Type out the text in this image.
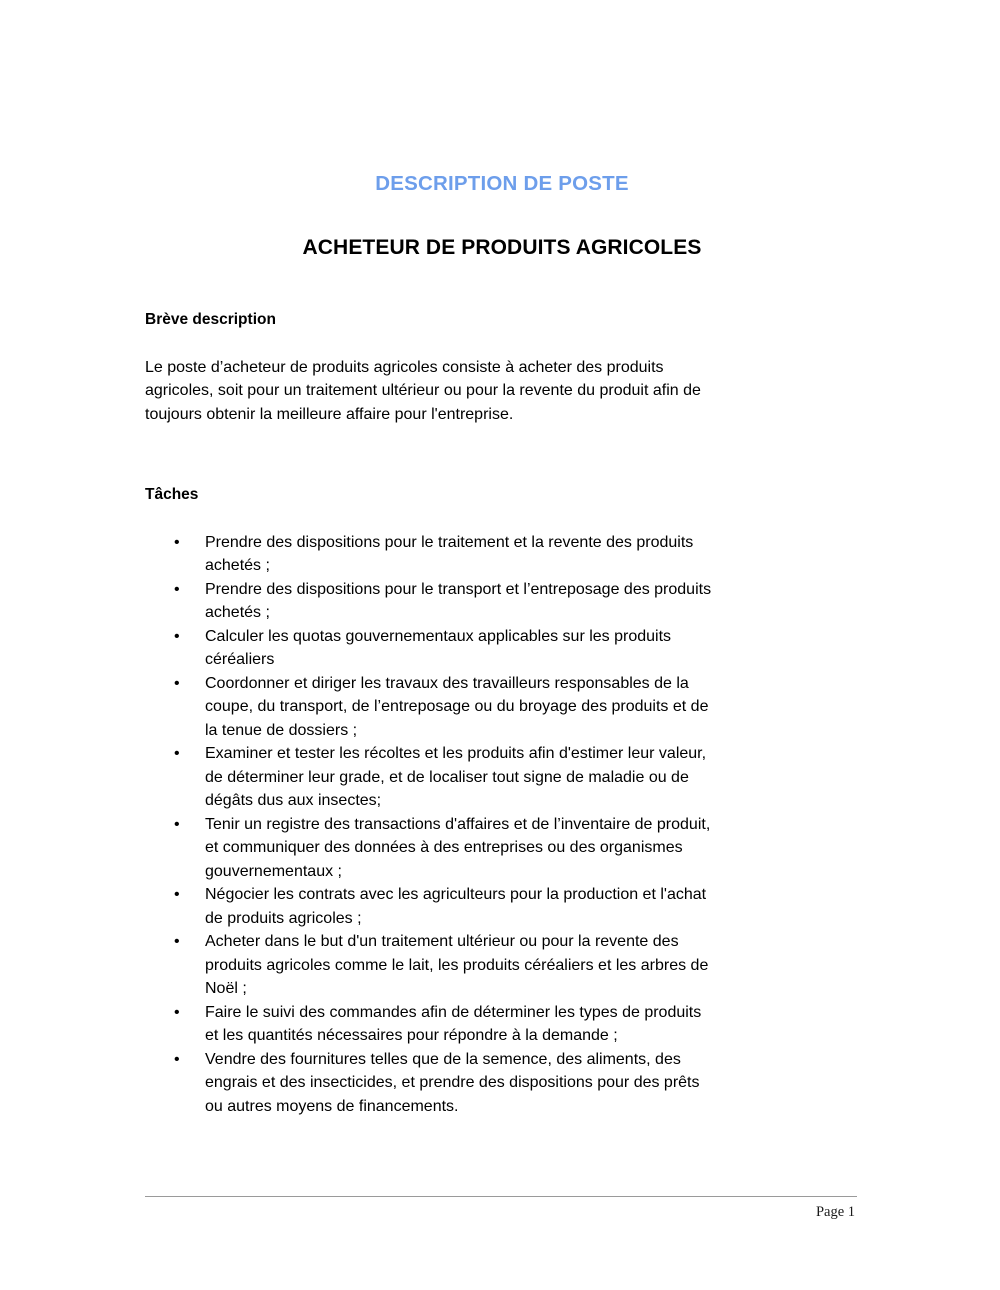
DESCRIPTION DE POSTE
ACHETEUR DE PRODUITS AGRICOLES
Brève description

Le poste d’acheteur de produits agricoles consiste à acheter des produits agricoles, soit pour un traitement ultérieur ou pour la revente du produit afin de toujours obtenir la meilleure affaire pour l'entreprise.

Tâches
• Prendre des dispositions pour le traitement et la revente des produits achetés ;
• Prendre des dispositions pour le transport et l’entreposage des produits achetés ;
• Calculer les quotas gouvernementaux applicables sur les produits céréaliers
• Coordonner et diriger les travaux des travailleurs responsables de la coupe, du transport, de l’entreposage ou du broyage des produits et de la tenue de dossiers ;
• Examiner et tester les récoltes et les produits afin d'estimer leur valeur, de déterminer leur grade, et de localiser tout signe de maladie ou de dégâts dus aux insectes;
• Tenir un registre des transactions d'affaires et de l’inventaire de produit, et communiquer des données à des entreprises ou des organismes gouvernementaux ;
• Négocier les contrats avec les agriculteurs pour la production et l'achat de produits agricoles ;
• Acheter dans le but d'un traitement ultérieur ou pour la revente des produits agricoles comme le lait, les produits céréaliers et les arbres de Noël ;
• Faire le suivi des commandes afin de déterminer les types de produits et les quantités nécessaires pour répondre à la demande ;
• Vendre des fournitures telles que de la semence, des aliments, des engrais et des insecticides, et prendre des dispositions pour des prêts ou autres moyens de financements.

Page 1
